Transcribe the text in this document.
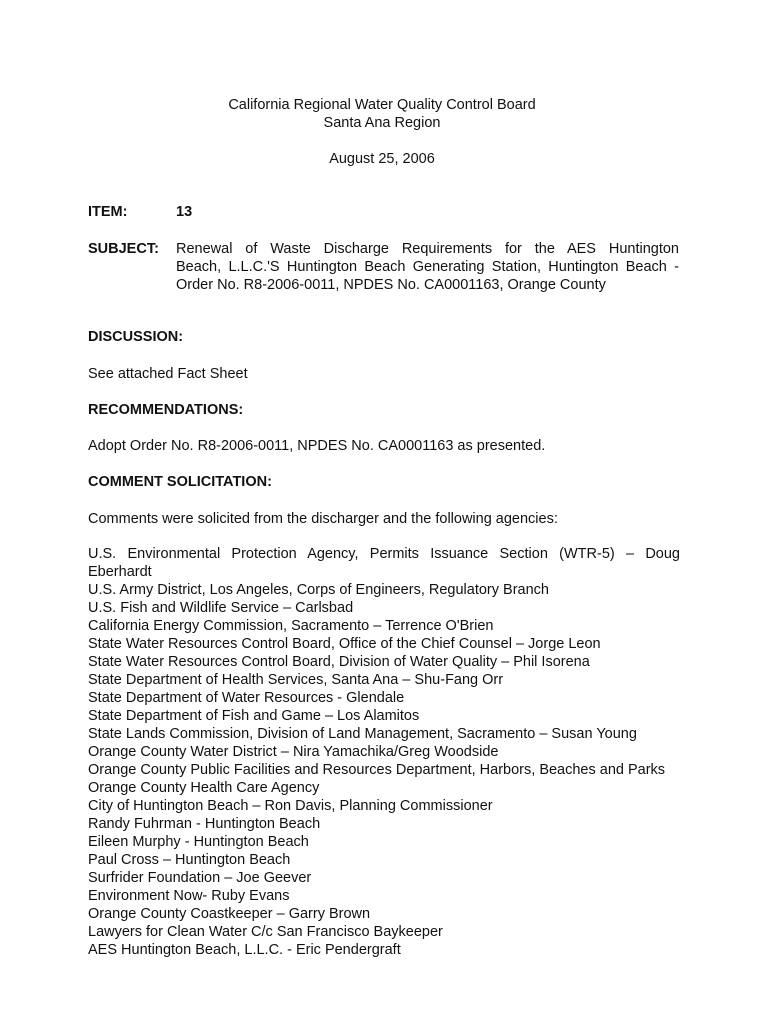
California Regional Water Quality Control Board
Santa Ana Region
August 25, 2006
ITEM:	13
SUBJECT: Renewal of Waste Discharge Requirements for the AES Huntington
Beach, L.L.C.'S Huntington Beach Generating Station, Huntington Beach -
Order No. R8-2006-0011, NPDES No. CA0001163, Orange County
DISCUSSION:
See attached Fact Sheet
RECOMMENDATIONS:
Adopt Order No. R8-2006-0011, NPDES No. CA0001163 as presented.
COMMENT SOLICITATION:
Comments were solicited from the discharger and the following agencies:
U.S. Environmental Protection Agency, Permits Issuance Section (WTR-5) – Doug
Eberhardt
U.S. Army District, Los Angeles, Corps of Engineers, Regulatory Branch
U.S. Fish and Wildlife Service – Carlsbad
California Energy Commission, Sacramento – Terrence O'Brien
State Water Resources Control Board, Office of the Chief Counsel – Jorge Leon
State Water Resources Control Board, Division of Water Quality – Phil Isorena
State Department of Health Services, Santa Ana – Shu-Fang Orr
State Department of Water Resources - Glendale
State Department of Fish and Game – Los Alamitos
State Lands Commission, Division of Land Management, Sacramento – Susan Young
Orange County Water District – Nira Yamachika/Greg Woodside
Orange County Public Facilities and Resources Department, Harbors, Beaches and Parks
Orange County Health Care Agency
City of Huntington Beach – Ron Davis, Planning Commissioner
Randy Fuhrman - Huntington Beach
Eileen Murphy - Huntington Beach
Paul Cross – Huntington Beach
Surfrider Foundation – Joe Geever
Environment Now- Ruby Evans
Orange County Coastkeeper – Garry Brown
Lawyers for Clean Water C/c San Francisco Baykeeper
AES Huntington Beach, L.L.C. - Eric Pendergraft
